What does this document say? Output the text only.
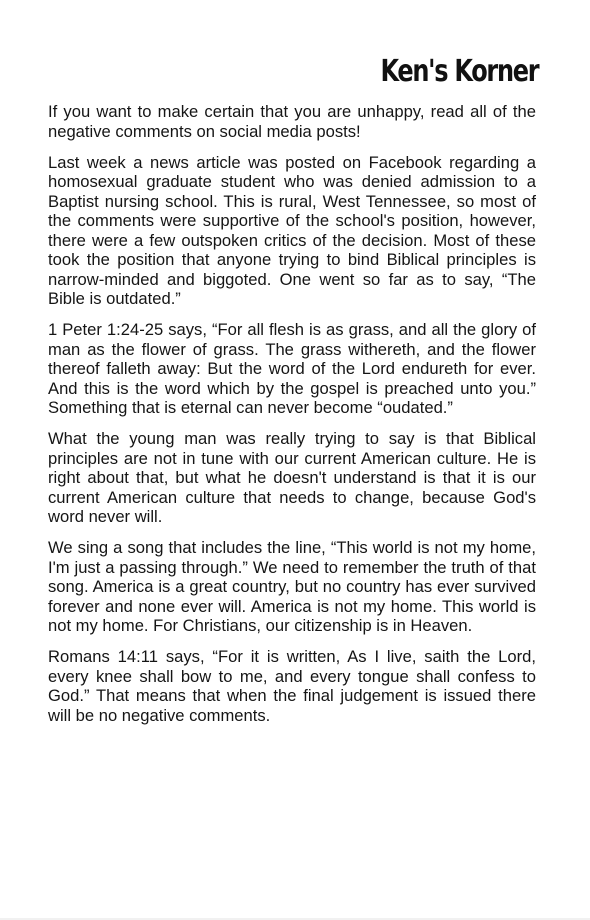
Ken's Korner

If you want to make certain that you are unhappy, read all of the negative comments on social media posts!

Last week a news article was posted on Facebook regarding a homosexual graduate student who was denied admission to a Baptist nursing school. This is rural, West Tennessee, so most of the comments were supportive of the school's position, however, there were a few outspoken critics of the decision. Most of these took the position that anyone trying to bind Biblical principles is narrow-minded and biggoted. One went so far as to say, “The Bible is outdated.”

1 Peter 1:24-25 says, “For all flesh is as grass, and all the glory of man as the flower of grass. The grass withereth, and the flower thereof falleth away: But the word of the Lord endureth for ever. And this is the word which by the gospel is preached unto you.” Something that is eternal can never become “oudated.”

What the young man was really trying to say is that Biblical principles are not in tune with our current American culture. He is right about that, but what he doesn't understand is that it is our current American culture that needs to change, because God's word never will.

We sing a song that includes the line, “This world is not my home, I'm just a passing through.” We need to remember the truth of that song. America is a great country, but no country has ever survived forever and none ever will. America is not my home. This world is not my home. For Christians, our citizenship is in Heaven.

Romans 14:11 says, “For it is written, As I live, saith the Lord, every knee shall bow to me, and every tongue shall confess to God.” That means that when the final judgement is issued there will be no negative comments.
